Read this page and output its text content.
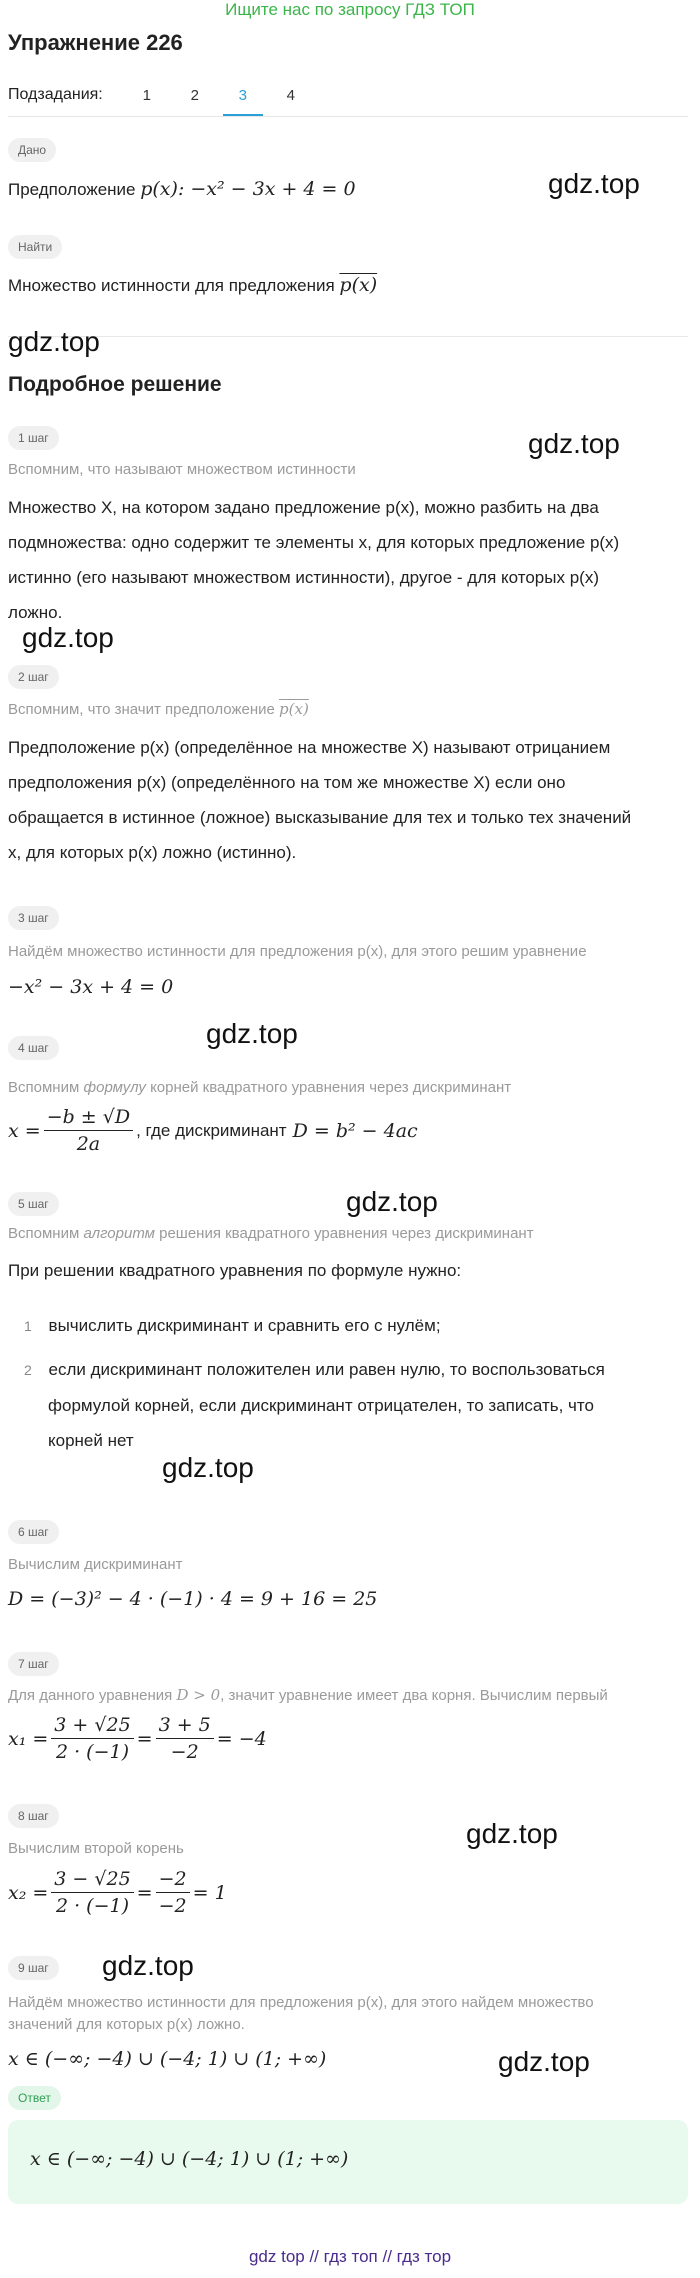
Ищите нас по запросу ГДЗ ТОП
Упражнение 226
Подзадания:	1	2	3	4
Дано
Предположение p(x): −x² − 3x + 4 = 0	gdz.top
Найти
Множество истинности для предложения p(x)
gdz.top
Подробное решение
1 шаг	gdz.top
Вспомним, что называют множеством истинности
Множество X, на котором задано предложение p(x), можно разбить на два
подмножества: одно содержит те элементы x, для которых предложение p(x)
истинно (его называют множеством истинности), другое - для которых p(x)
ложно.
gdz.top
2 шаг
Вспомним, что значит предположение p(x)
Предположение p(x) (определённое на множестве X) называют отрицанием
предположения p(x) (определённого на том же множестве X) если оно
обращается в истинное (ложное) высказывание для тех и только тех значений
x, для которых p(x) ложно (истинно).
3 шаг
Найдём множество истинности для предложения p(x), для этого решим уравнение
−x² − 3x + 4 = 0
4 шаг	gdz.top
Вспомним формулу корней квадратного уравнения через дискриминант
$x = \frac{-b \pm √D}{2a}$ , где дискриминант D = b² − 4ac
5 шаг	gdz.top
Вспомним алгоритм решения квадратного уравнения через дискриминант
При решении квадратного уравнения по формуле нужно:
1 вычислить дискриминант и сравнить его с нулём;
2 если дискриминант положителен или равен нулю, то воспользоваться
формулой корней, если дискриминант отрицателен, то записать, что
корней нет
gdz.top
6 шаг
Вычислим дискриминант
D = (−3)² − 4 · (−1) · 4 = 9 + 16 = 25
7 шаг
Для данного уравнения D > 0, значит уравнение имеет два корня. Вычислим первый
$x_1 = \frac{3 + √25}{2 \cdot (-1)} = \frac{3 + 5}{-2} = -4$
8 шаг
gdz.top
Вычислим второй корень
$x_2 = \frac{3 - √25}{2 \cdot (-1)} = \frac{-2}{-2} = 1$
9 шаг	gdz.top
Найдём множество истинности для предложения p(x), для этого найдем множество
значений для которых p(x) ложно.
x ∈ (−∞; −4) ∪ (−4; 1) ∪ (1; +∞)	gdz.top
Ответ
x ∈ (−∞; −4) ∪ (−4; 1) ∪ (1; +∞)
gdz top // гдз топ // гдз тор
